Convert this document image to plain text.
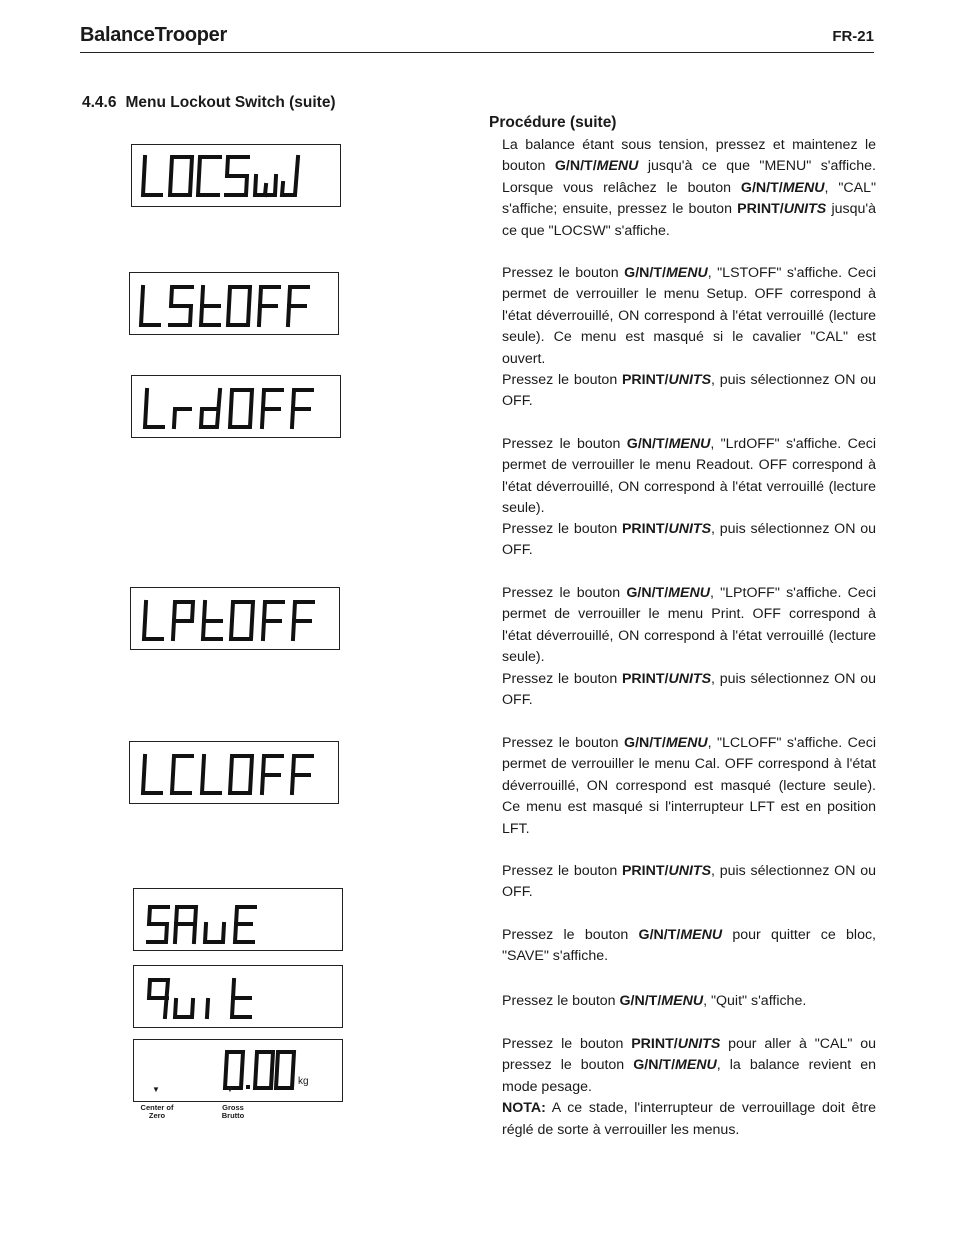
BalanceTrooper	FR-21
4.4.6 Menu Lockout Switch (suite)
Procédure (suite)
kg
▼	▼
Center of Zero
Gross Brutto

La balance étant sous tension, pressez et maintenez le bouton G/N/T/MENU jusqu'à ce que "MENU" s'affiche. Lorsque vous relâchez le bouton G/N/T/MENU, "CAL" s'affiche; ensuite, pressez le bouton PRINT/UNITS jusqu'à ce que "LOCSW" s'affiche.

Pressez le bouton G/N/T/MENU, "LSTOFF" s'affiche. Ceci permet de verrouiller le menu Setup. OFF correspond à l'état déverrouillé, ON correspond à l'état verrouillé (lecture seule). Ce menu est masqué si le cavalier "CAL" est ouvert.

Pressez le bouton PRINT/UNITS, puis sélectionnez ON ou OFF.

Pressez le bouton G/N/T/MENU, "LrdOFF" s'affiche. Ceci permet de verrouiller le menu Readout. OFF correspond à l'état déverrouillé, ON correspond à l'état verrouillé (lecture seule).

Pressez le bouton PRINT/UNITS, puis sélectionnez ON ou OFF.

Pressez le bouton G/N/T/MENU, "LPtOFF" s'affiche. Ceci permet de verrouiller le menu Print. OFF correspond à l'état déverrouillé, ON correspond à l'état verrouillé (lecture seule).

Pressez le bouton PRINT/UNITS, puis sélectionnez ON ou OFF.

Pressez le bouton G/N/T/MENU, "LCLOFF" s'affiche. Ceci permet de verrouiller le menu Cal. OFF correspond à l'état déverrouillé, ON correspond est masqué (lecture seule). Ce menu est masqué si l'interrupteur LFT est en position LFT.

Pressez le bouton PRINT/UNITS, puis sélectionnez ON ou OFF.

Pressez le bouton G/N/T/MENU pour quitter ce bloc, "SAVE" s'affiche.

Pressez le bouton G/N/T/MENU, "Quit" s'affiche.

Pressez le bouton PRINT/UNITS pour aller à "CAL" ou pressez le bouton G/N/T/MENU, la balance revient en mode pesage.
NOTA: A ce stade, l'interrupteur de verrouillage doit être réglé de sorte à verrouiller les menus.
